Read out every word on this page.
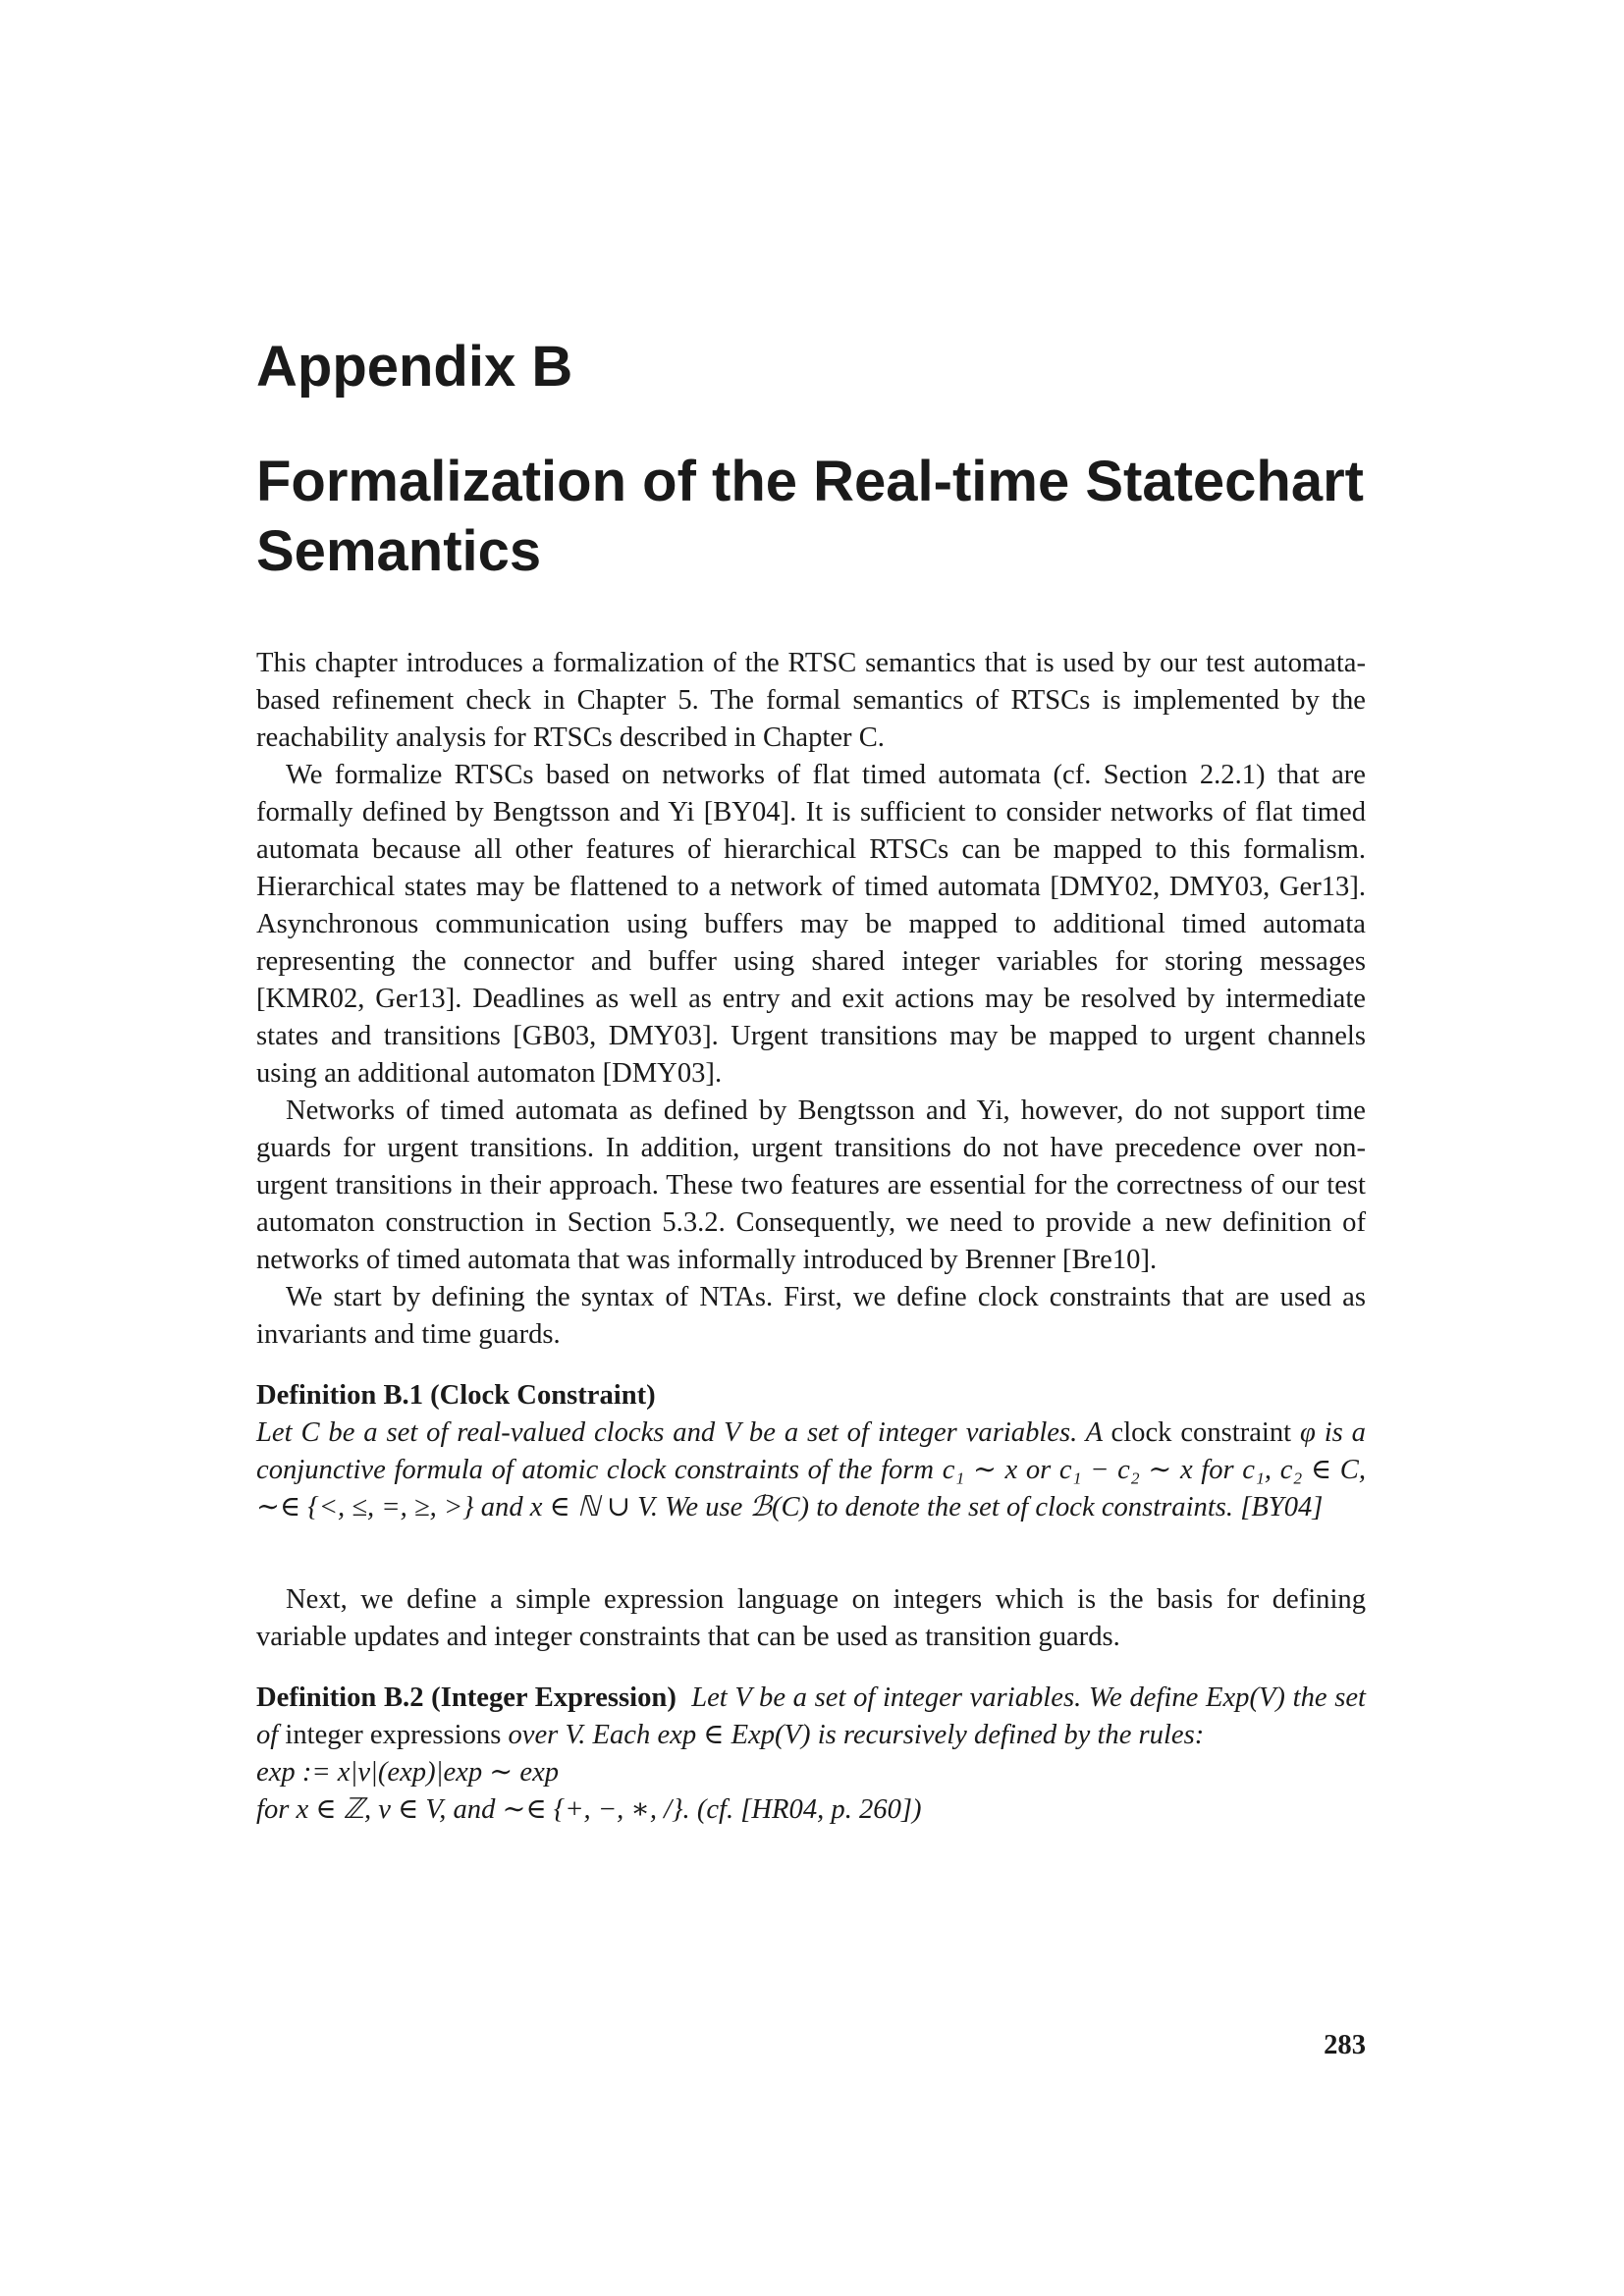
Appendix B
Formalization of the Real-time Statechart Semantics

This chapter introduces a formalization of the RTSC semantics that is used by our test automata-based refinement check in Chapter 5. The formal semantics of RTSCs is implemented by the reachability analysis for RTSCs described in Chapter C.

We formalize RTSCs based on networks of flat timed automata (cf. Section 2.2.1) that are formally defined by Bengtsson and Yi [BY04]. It is sufficient to consider networks of flat timed automata because all other features of hierarchical RTSCs can be mapped to this formalism. Hierarchical states may be flattened to a network of timed automata [DMY02, DMY03, Ger13]. Asynchronous communication using buffers may be mapped to additional timed automata representing the connector and buffer using shared integer variables for storing messages [KMR02, Ger13]. Deadlines as well as entry and exit actions may be resolved by intermediate states and transitions [GB03, DMY03]. Urgent transitions may be mapped to urgent channels using an additional automaton [DMY03].

Networks of timed automata as defined by Bengtsson and Yi, however, do not support time guards for urgent transitions. In addition, urgent transitions do not have precedence over non-urgent transitions in their approach. These two features are essential for the correctness of our test automaton construction in Section 5.3.2. Consequently, we need to provide a new definition of networks of timed automata that was informally introduced by Brenner [Bre10].

We start by defining the syntax of NTAs. First, we define clock constraints that are used as invariants and time guards.

Definition B.1 (Clock Constraint)
Let C be a set of real-valued clocks and V be a set of integer variables. A clock constraint φ is a conjunctive formula of atomic clock constraints of the form c₁ ∼ x or c₁ − c₂ ∼ x for c₁, c₂ ∈ C, ∼∈ {<, ≤, =, ≥, >} and x ∈ ℕ ∪ V. We use ℬ(C) to denote the set of clock constraints. [BY04]

Next, we define a simple expression language on integers which is the basis for defining variable updates and integer constraints that can be used as transition guards.

Definition B.2 (Integer Expression) Let V be a set of integer variables. We define Exp(V) the set of integer expressions over V. Each exp ∈ Exp(V) is recursively defined by the rules:

exp := x|v|(exp)|exp ∼ exp

for x ∈ ℤ, v ∈ V, and ∼∈ {+, −, ∗, /}. (cf. [HR04, p. 260])

283
